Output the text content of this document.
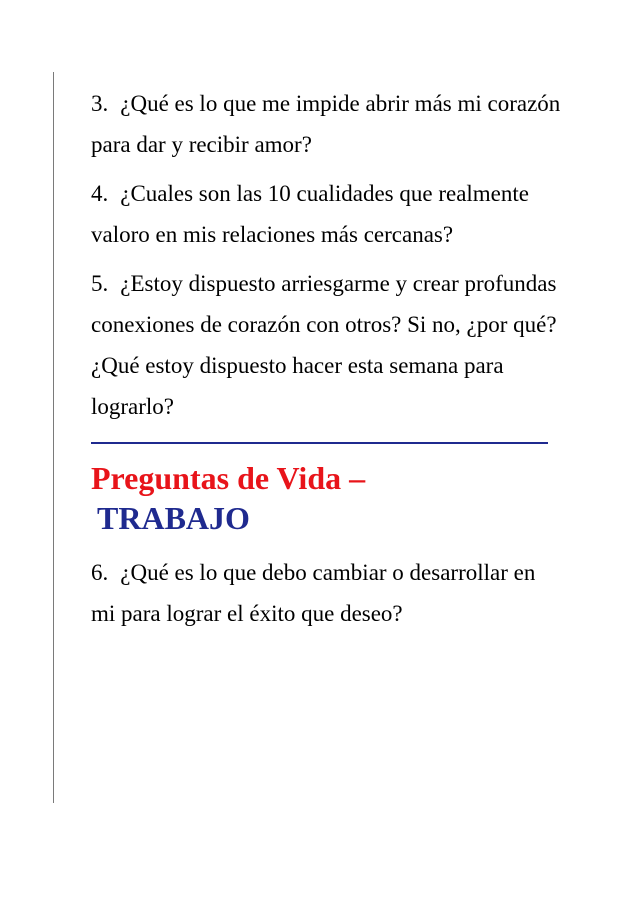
3. ¿Qué es lo que me impide abrir más mi corazón para dar y recibir amor?

4. ¿Cuales son las 10 cualidades que realmente valoro en mis relaciones más cercanas?

5. ¿Estoy dispuesto arriesgarme y crear profundas conexiones de corazón con otros? Si no, ¿por qué? ¿Qué estoy dispuesto hacer esta semana para lograrlo?

Preguntas de Vida –
TRABAJO

6. ¿Qué es lo que debo cambiar o desarrollar en mi para lograr el éxito que deseo?
